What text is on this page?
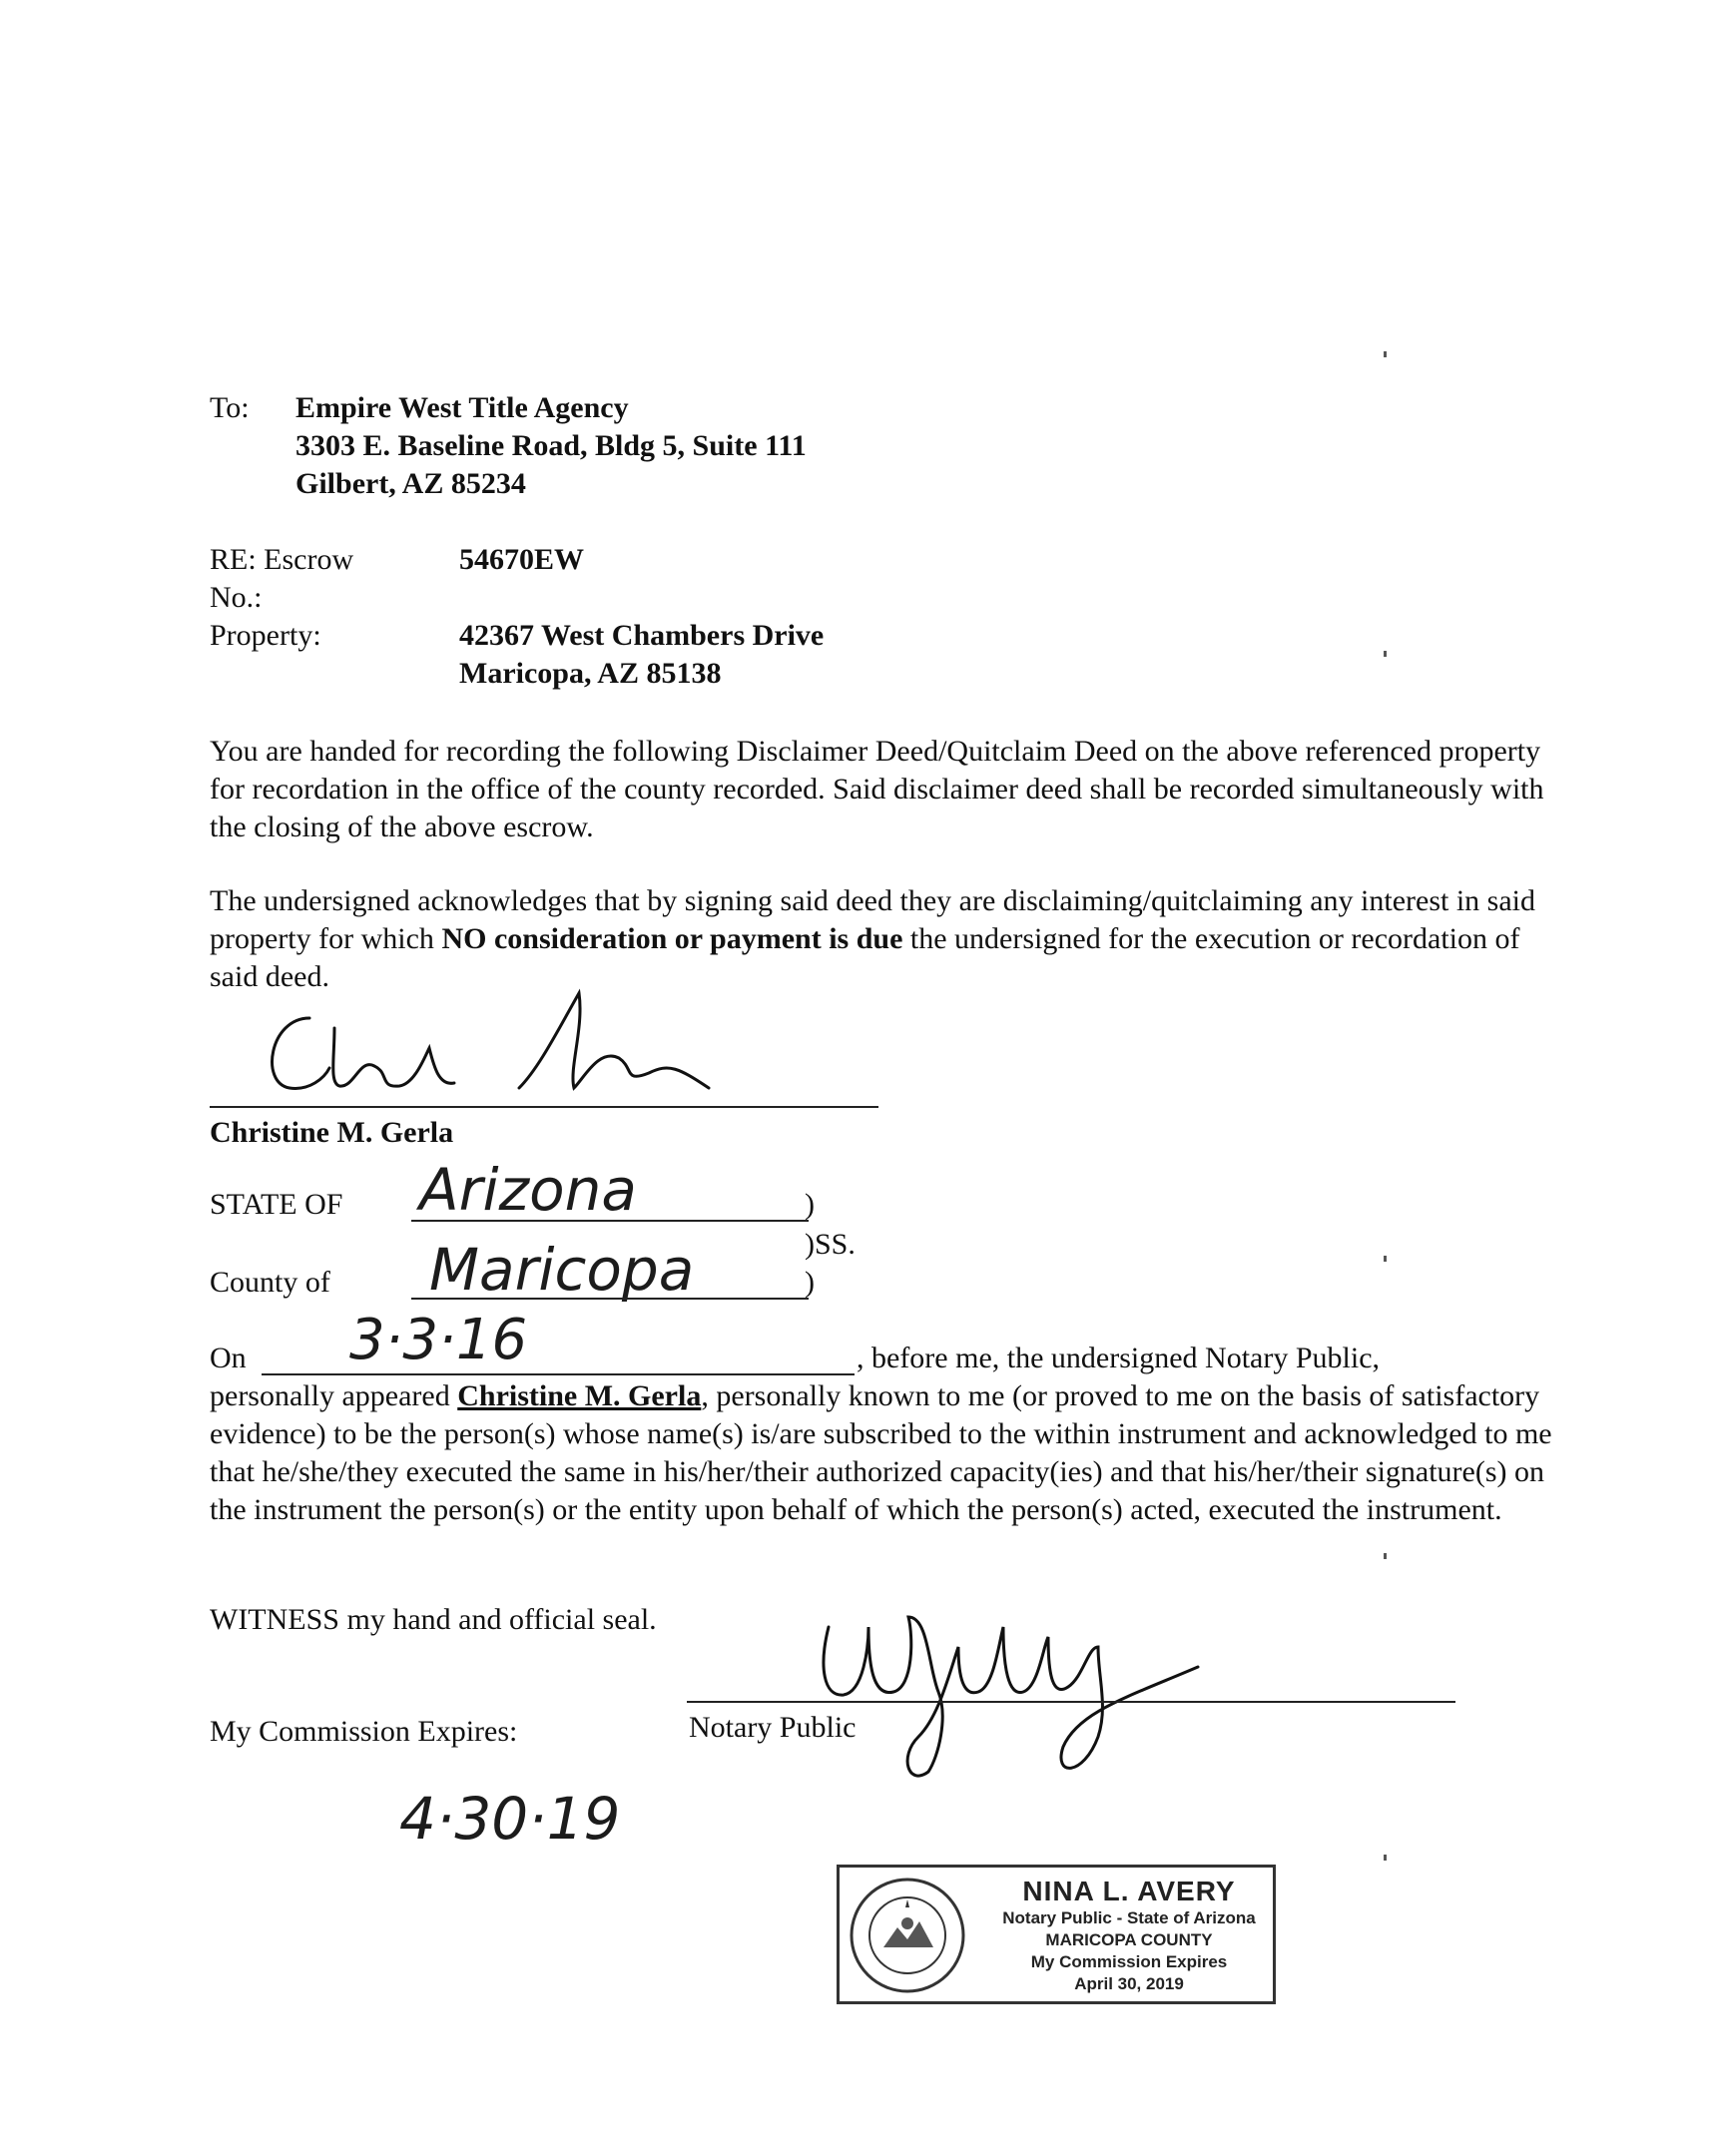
To: Empire West Title Agency
3303 E. Baseline Road, Bldg 5, Suite 111
Gilbert, AZ 85234
RE: Escrow
No.:
54670EW
Property:	42367 West Chambers Drive
Maricopa, AZ 85138
You are handed for recording the following Disclaimer Deed/Quitclaim Deed on the above referenced property for recordation in the office of the county recorded. Said disclaimer deed shall be recorded simultaneously with the closing of the above escrow.
The undersigned acknowledges that by signing said deed they are disclaiming/quitclaiming any interest in said property for which NO consideration or payment is due the undersigned for the execution or recordation of said deed.
Christine M. Gerla
STATE OF Arizona	)
)SS.
County of Maricopa	)
On 3·3·16	, before me, the undersigned Notary Public,
personally appeared Christine M. Gerla, personally known to me (or proved to me on the basis of satisfactory evidence) to be the person(s) whose name(s) is/are subscribed to the within instrument and acknowledged to me that he/she/they executed the same in his/her/their authorized capacity(ies) and that his/her/their signature(s) on the instrument the person(s) or the entity upon behalf of which the person(s) acted, executed the instrument.
WITNESS my hand and official seal.
My Commission Expires:	Notary Public
4·30·19
NINA L. AVERY
Notary Public - State of Arizona
MARICOPA COUNTY
My Commission Expires
April 30, 2019
